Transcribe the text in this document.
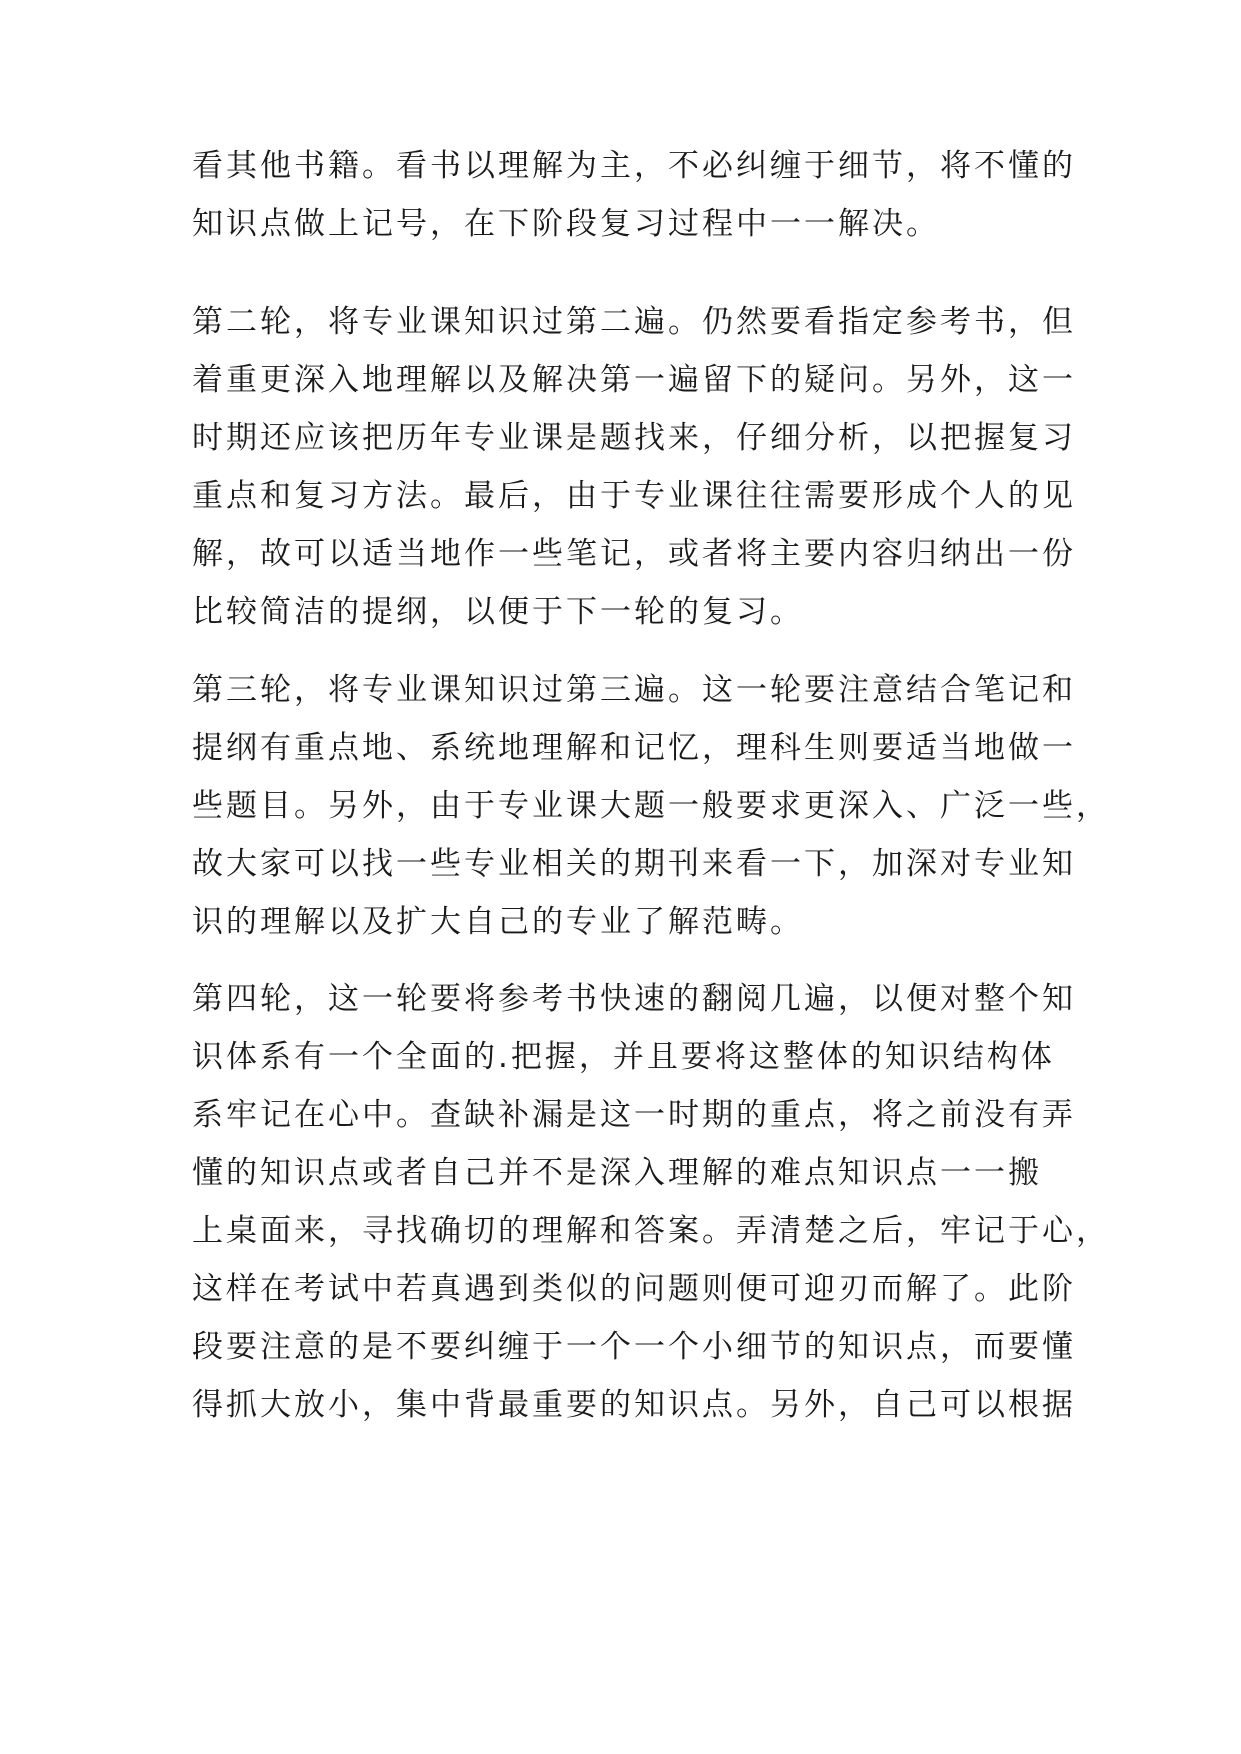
看其他书籍。看书以理解为主，不必纠缠于细节，将不懂的
知识点做上记号，在下阶段复习过程中一一解决。
第二轮，将专业课知识过第二遍。仍然要看指定参考书，但
着重更深入地理解以及解决第一遍留下的疑问。另外，这一
时期还应该把历年专业课是题找来，仔细分析，以把握复习
重点和复习方法。最后，由于专业课往往需要形成个人的见
解，故可以适当地作一些笔记，或者将主要内容归纳出一份
比较简洁的提纲，以便于下一轮的复习。
第三轮，将专业课知识过第三遍。这一轮要注意结合笔记和
提纲有重点地、系统地理解和记忆，理科生则要适当地做一
些题目。另外，由于专业课大题一般要求更深入、广泛一些，
故大家可以找一些专业相关的期刊来看一下，加深对专业知
识的理解以及扩大自己的专业了解范畴。
第四轮，这一轮要将参考书快速的翻阅几遍，以便对整个知
识体系有一个全面的.把握，并且要将这整体的知识结构体
系牢记在心中。查缺补漏是这一时期的重点，将之前没有弄
懂的知识点或者自己并不是深入理解的难点知识点一一搬
上桌面来，寻找确切的理解和答案。弄清楚之后，牢记于心，
这样在考试中若真遇到类似的问题则便可迎刃而解了。此阶
段要注意的是不要纠缠于一个一个小细节的知识点，而要懂
得抓大放小，集中背最重要的知识点。另外，自己可以根据
